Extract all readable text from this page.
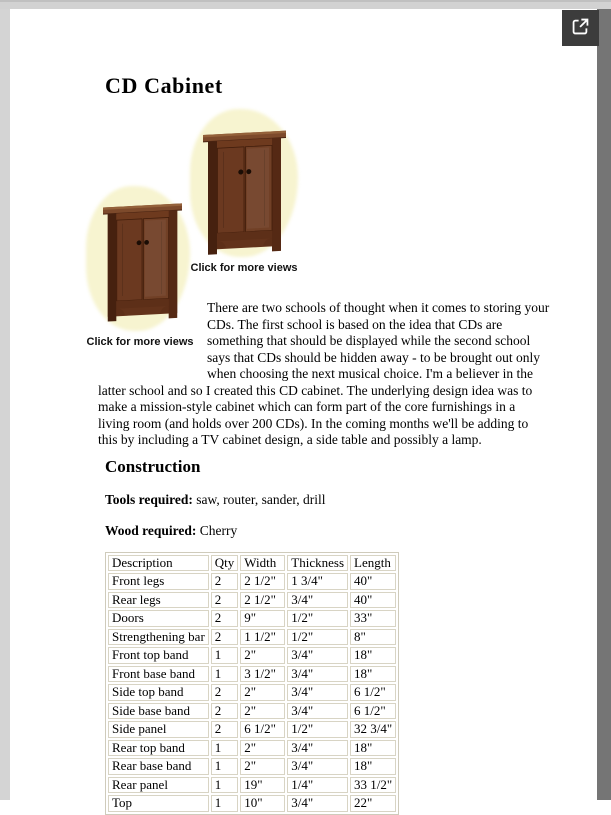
CD Cabinet
Click for more views
Click for more views

There are two schools of thought when it comes to storing your CDs. The first school is based on the idea that CDs are something that should be displayed while the second school says that CDs should be hidden away - to be brought out only when choosing the next musical choice. I'm a believer in the latter school and so I created this CD cabinet. The underlying design idea was to make a mission-style cabinet which can form part of the core furnishings in a living room (and holds over 200 CDs). In the coming months we'll be adding to this by including a TV cabinet design, a side table and possibly a lamp.

Construction

Tools required: saw, router, sander, drill

Wood required: Cherry

Description	Qty	Width	Thickness	Length
Front legs	2	2 1/2"	1 3/4"	40"
Rear legs	2	2 1/2"	3/4"	40"
Doors	2	9"	1/2"	33"
Strengthening bar	2	1 1/2"	1/2"	8"
Front top band	1	2"	3/4"	18"
Front base band	1	3 1/2"	3/4"	18"
Side top band	2	2"	3/4"	6 1/2"
Side base band	2	2"	3/4"	6 1/2"
Side panel	2	6 1/2"	1/2"	32 3/4"
Rear top band	1	2"	3/4"	18"
Rear base band	1	2"	3/4"	18"
Rear panel	1	19"	1/4"	33 1/2"
Top	1	10"	3/4"	22"
